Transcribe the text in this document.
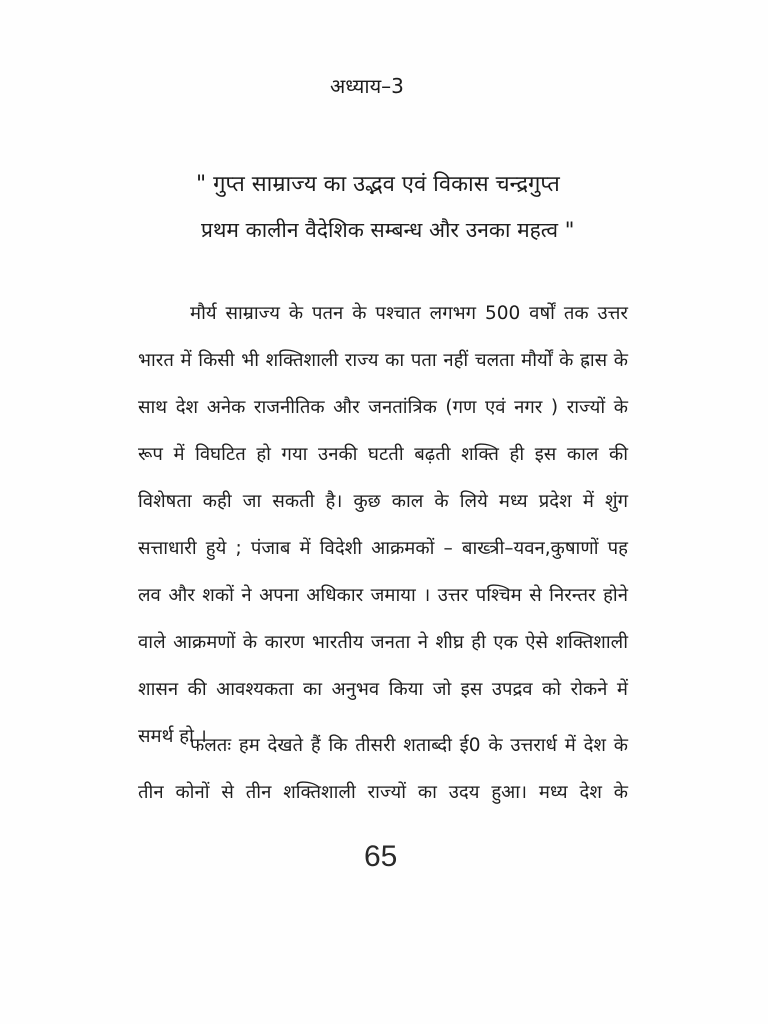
अध्याय–3
" गुप्त साम्राज्य का उद्भव एवं विकास चन्द्रगुप्त
प्रथम कालीन वैदेशिक सम्बन्ध और उनका महत्व "
मौर्य साम्राज्य के पतन के पश्चात लगभग 500 वर्षों तक उत्तर
भारत में किसी भी शक्तिशाली राज्य का पता नहीं चलता मौर्यों के ह्रास के
साथ देश अनेक राजनीतिक और जनतांत्रिक (गण एवं नगर ) राज्यों के
रूप में विघटित हो गया उनकी घटती बढ़ती शक्ति ही इस काल की
विशेषता कही जा सकती है। कुछ काल के लिये मध्य प्रदेश में शुंग
सत्ताधारी हुये ; पंजाब में विदेशी आक्रमकों – बाख्त्री–यवन,कुषाणों पह
लव और शकों ने अपना अधिकार जमाया । उत्तर पश्चिम से निरन्तर होने
वाले आक्रमणों के कारण भारतीय जनता ने शीघ्र ही एक ऐसे शक्तिशाली
शासन की आवश्यकता का अनुभव किया जो इस उपद्रव को रोकने में
समर्थ हो ।
फलतः हम देखते हैं कि तीसरी शताब्दी ई0 के उत्तरार्ध में देश के
तीन कोनों से तीन शक्तिशाली राज्यों का उदय हुआ। मध्य देश के
65
